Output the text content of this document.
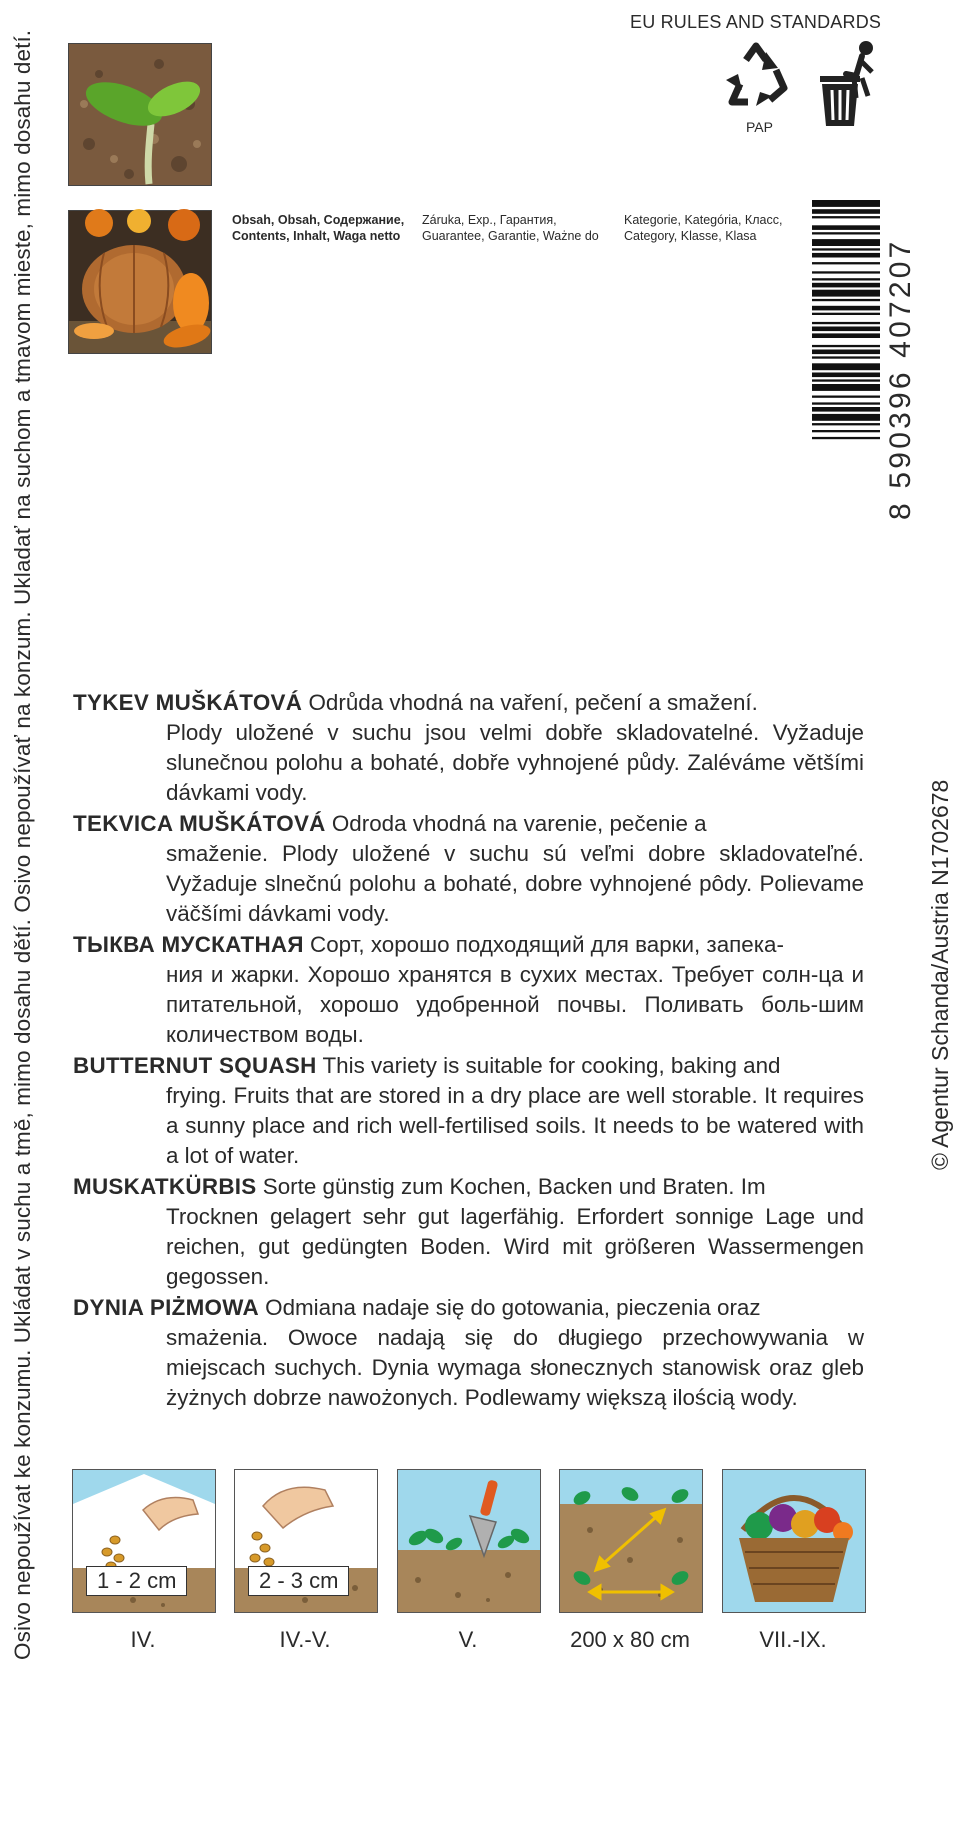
Osivo nepoužívat ke konzumu. Ukládat v suchu a tmě, mimo dosahu dětí. Osivo nepoužívať na konzum. Ukladať na suchom a tmavom mieste, mimo dosahu detí.	© Agentur Schanda/Austria N1702678
EU RULES AND STANDARDS
PAP
Obsah, Obsah, Содержание,
Contents, Inhalt, Waga netto
Záruka, Exp., Гарантия,
Guarantee, Garantie, Ważne do
Kategorie, Kategória, Класс,
Category, Klasse, Klasa
8 590396 407207
TYKEV MUŠKÁTOVÁ Odrůda vhodná na vaření, pečení a smažení.
Plody uložené v suchu jsou velmi dobře skladovatelné. Vyžaduje slunečnou polohu a bohaté, dobře vyhnojené půdy. Zaléváme většími dávkami vody.
TEKVICA MUŠKÁTOVÁ Odroda vhodná na varenie, pečenie a
smaženie. Plody uložené v suchu sú veľmi dobre skladovateľné. Vyžaduje slnečnú polohu a bohaté, dobre vyhnojené pôdy. Polievame väčšími dávkami vody.
ТЫКВА МУСКАТНАЯ Сорт, хорошо подходящий для варки, запека-
ния и жарки. Хорошо хранятся в сухих местах. Требует солн-ца и питательной, хорошо удобренной почвы. Поливать боль-шим количеством воды.
BUTTERNUT SQUASH This variety is suitable for cooking, baking and
frying. Fruits that are stored in a dry place are well storable. It requires a sunny place and rich well-fertilised soils. It needs to be watered with a lot of water.
MUSKATKÜRBIS Sorte günstig zum Kochen, Backen und Braten. Im
Trocknen gelagert sehr gut lagerfähig. Erfordert sonnige Lage und reichen, gut gedüngten Boden. Wird mit größeren Wassermengen gegossen.
DYNIA PIŻMOWA Odmiana nadaje się do gotowania, pieczenia oraz
smażenia. Owoce nadają się do długiego przechowywania w miejscach suchych. Dynia wymaga słonecznych stanowisk oraz gleb żyżnych dobrze nawożonych. Podlewamy większą ilością wody.
1 - 2 cm
IV.
2 - 3 cm
IV.-V.	V.	200 x 80 cm	VII.-IX.
